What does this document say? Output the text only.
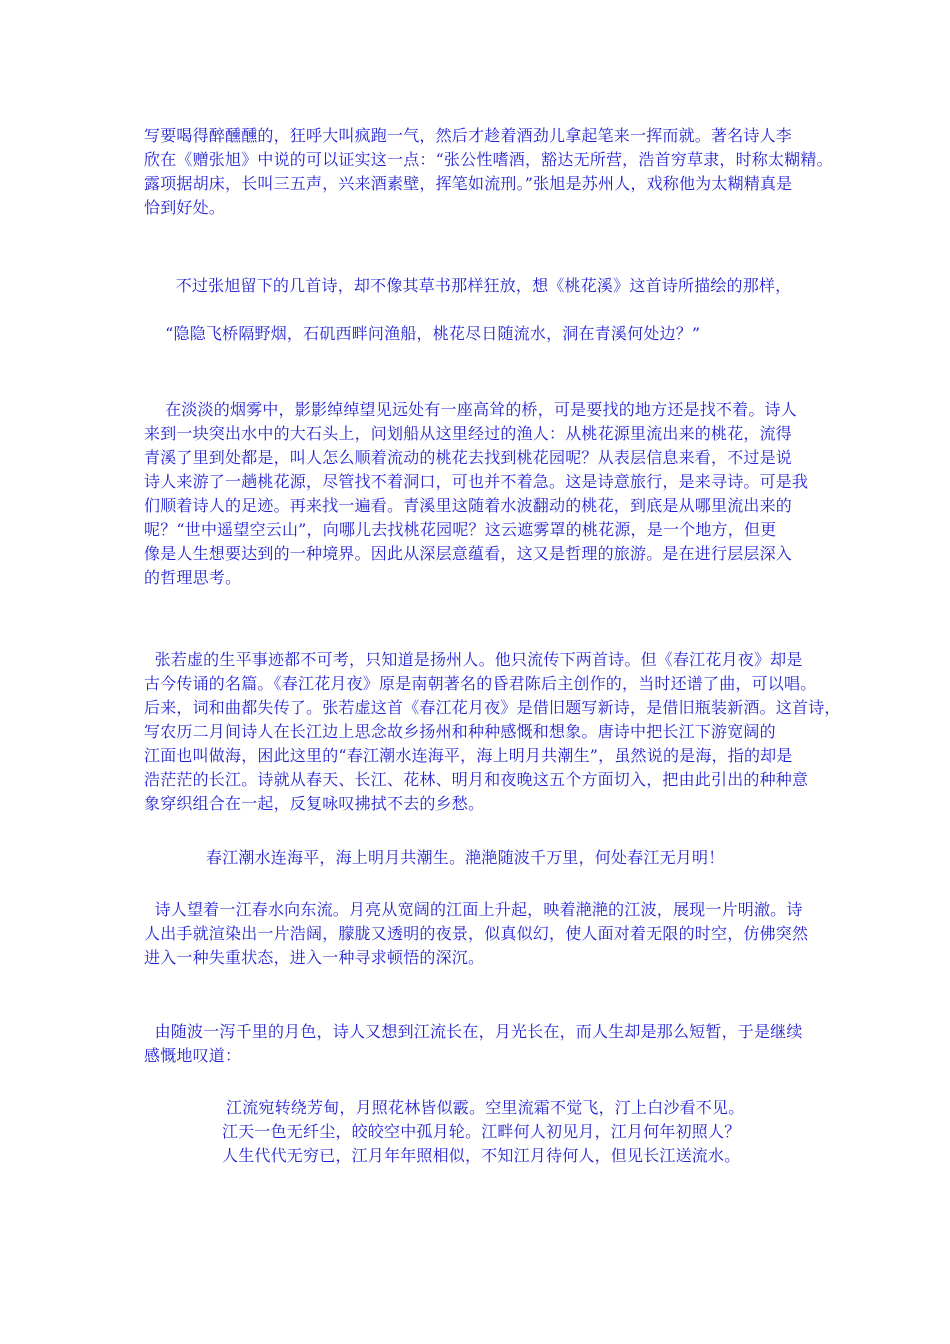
写要喝得醉醺醺的，狂呼大叫疯跑一气，然后才趁着酒劲儿拿起笔来一挥而就。著名诗人李
欣在《赠张旭》中说的可以证实这一点：“张公性嗜酒，豁达无所营，浩首穷草隶，时称太糊精。
露项据胡床，长叫三五声，兴来酒素壁，挥笔如流刑。”张旭是苏州人，戏称他为太糊精真是
恰到好处。

不过张旭留下的几首诗，却不像其草书那样狂放，想《桃花溪》这首诗所描绘的那样，

“隐隐飞桥隔野烟，石矶西畔问渔船，桃花尽日随流水，洞在青溪何处边？”

在淡淡的烟雾中，影影绰绰望见远处有一座高耸的桥，可是要找的地方还是找不着。诗人
来到一块突出水中的大石头上，问划船从这里经过的渔人：从桃花源里流出来的桃花，流得
青溪了里到处都是，叫人怎么顺着流动的桃花去找到桃花园呢？从表层信息来看，不过是说
诗人来游了一趟桃花源，尽管找不着洞口，可也并不着急。这是诗意旅行，是来寻诗。可是我
们顺着诗人的足迹。再来找一遍看。青溪里这随着水波翻动的桃花，到底是从哪里流出来的
呢？“世中遥望空云山”，向哪儿去找桃花园呢？这云遮雾罩的桃花源，是一个地方，但更
像是人生想要达到的一种境界。因此从深层意蕴看，这又是哲理的旅游。是在进行层层深入
的哲理思考。

张若虚的生平事迹都不可考，只知道是扬州人。他只流传下两首诗。但《春江花月夜》却是
古今传诵的名篇。《春江花月夜》原是南朝著名的昏君陈后主创作的，当时还谱了曲，可以唱。
后来，词和曲都失传了。张若虚这首《春江花月夜》是借旧题写新诗，是借旧瓶装新酒。这首诗，
写农历二月间诗人在长江边上思念故乡扬州和种种感慨和想象。唐诗中把长江下游宽阔的
江面也叫做海，困此这里的“春江潮水连海平，海上明月共潮生”，虽然说的是海，指的却是
浩茫茫的长江。诗就从春天、长江、花林、明月和夜晚这五个方面切入，把由此引出的种种意
象穿织组合在一起，反复咏叹拂拭不去的乡愁。

春江潮水连海平，海上明月共潮生。滟滟随波千万里，何处春江无月明！

诗人望着一江春水向东流。月亮从宽阔的江面上升起，映着滟滟的江波，展现一片明澈。诗
人出手就渲染出一片浩阔，朦胧又透明的夜景，似真似幻，使人面对着无限的时空，仿佛突然
进入一种失重状态，进入一种寻求顿悟的深沉。

由随波一泻千里的月色，诗人又想到江流长在，月光长在，而人生却是那么短暂，于是继续
感慨地叹道：

江流宛转绕芳甸，月照花林皆似霰。空里流霜不觉飞，汀上白沙看不见。
江天一色无纤尘，皎皎空中孤月轮。江畔何人初见月，江月何年初照人？
人生代代无穷已，江月年年照相似，不知江月待何人，但见长江送流水。
